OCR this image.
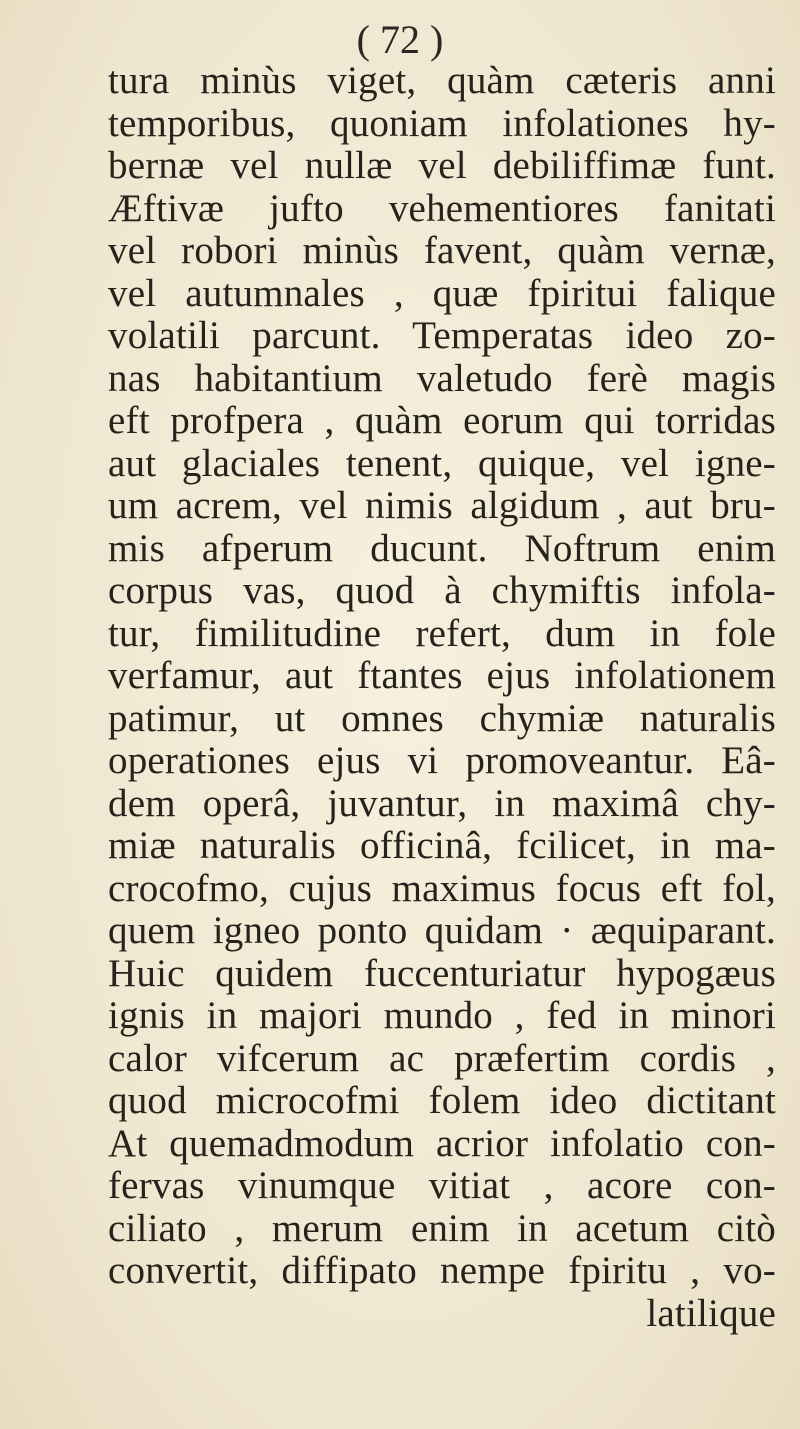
( 72 )
tura minùs viget, quàm cæteris anni
temporibus, quoniam infolationes hy-
bernæ vel nullæ vel debiliffimæ funt.
Æftivæ jufto vehementiores fanitati
vel robori minùs favent, quàm vernæ,
vel autumnales , quæ fpiritui falique
volatili parcunt. Temperatas ideo zo-
nas habitantium valetudo ferè magis
eft profpera , quàm eorum qui torridas
aut glaciales tenent, quique, vel igne-
um acrem, vel nimis algidum , aut bru-
mis afperum ducunt. Noftrum enim
corpus vas, quod à chymiftis infola-
tur, fimilitudine refert, dum in fole
verfamur, aut ftantes ejus infolationem
patimur, ut omnes chymiæ naturalis
operationes ejus vi promoveantur. Eâ-
dem operâ, juvantur, in maximâ chy-
miæ naturalis officinâ, fcilicet, in ma-
crocofmo, cujus maximus focus eft fol,
quem igneo ponto quidam · æquiparant.
Huic quidem fuccenturiatur hypogæus
ignis in majori mundo , fed in minori
calor vifcerum ac præfertim cordis ,
quod microcofmi folem ideo dictitant
At quemadmodum acrior infolatio con-
fervas vinumque vitiat , acore con-
ciliato , merum enim in acetum citò
convertit, diffipato nempe fpiritu , vo-
latilique
